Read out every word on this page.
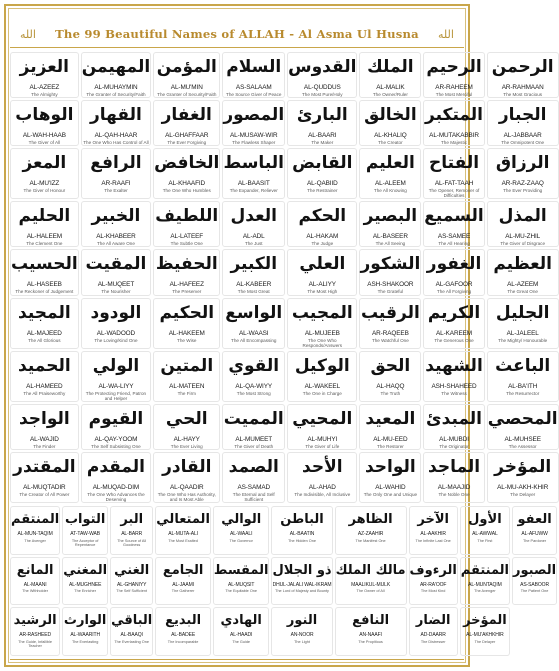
الله	The 99 Beautiful Names of ALLAH - Al Asma Ul Husna	الله
العزيز
AL-AZEEZ
The Almighty
المهيمن
AL-MUHAYMIN
The Granter of Security/Faith
المؤمن
AL-MU'MIN
The Granter of Security/Faith
السلام
AS-SALAAM
The Source Giver of Peace
القدوس
AL-QUDDUS
The Most Pure/Holy
الملك
AL-MALIK
The Owner/Ruler
الرحيم
AR-RAHEEM
The Most Merciful
الرحمن
AR-RAHMAAN
The Most Gracious
الوهاب
AL-WAH-HAAB
The Giver of All
القهار
AL-QAH-HAAR
The One Who Has Control of All
الغفار
AL-GHAFFAAR
The Ever Forgiving
المصور
AL-MUSAW-WIR
The Flawless Shaper
البارئ
AL-BAARI
The Maker
الخالق
AL-KHALIQ
The Creator
المتكبر
AL-MUTAKABBIR
The Majestic
الجبار
AL-JABBAAR
The Omnipotent One
المعز
AL-MU'IZZ
The Giver of Honour
الرافع
AR-RAAFI
The Exalter
الخافض
AL-KHAAFID
The One Who Humbles
الباسط
AL-BAASIT
The Expander, Reliever
القابض
AL-QABIID
The Restrainer
العليم
AL-ALEEM
The All Knowing
الفتاح
AL-FAT-TAAH
The Opener, Remover of Difficulties
الرزاق
AR-RAZ-ZAAQ
The Ever Providing
الحليم
AL-HALEEM
The Clement One
الخبير
AL-KHABEER
The All Aware One
اللطيف
AL-LATEEF
The Subtle One
العدل
AL-ADL
The Just
الحكم
AL-HAKAM
The Judge
البصير
AL-BASEER
The All Seeing
السميع
AS-SAMEE
The All Hearing
المذل
AL-MU-ZHIL
The Giver of Disgrace
الحسيب
AL-HASEEB
The Reckoner of Judgement
المقيت
AL-MUQEET
The Nourisher
الحفيظ
AL-HAFEEZ
The Preserver
الكبير
AL-KABEER
The Most Great
العلي
AL-ALIYY
The Most High
الشكور
ASH-SHAKOOR
The Grateful
الغفور
AL-GAFOOR
The All Forgiving
العظيم
AL-AZEEM
The Great One
المجيد
AL-MAJEED
The All Glorious
الودود
AL-WADOOD
The Loving/Kind One
الحكيم
AL-HAKEEM
The Wise
الواسع
AL-WAASI
The All Encompassing
المجيب
AL-MUJEEB
The One Who Responds/Answers
الرقيب
AR-RAQEEB
The Watchful One
الكريم
AL-KAREEM
The Generous One
الجليل
AL-JALEEL
The Mighty/ Honourable
الحميد
AL-HAMEED
The All Praiseworthy
الولي
AL-WA-LIYY
The Protecting Friend, Patron and Helper
المتين
AL-MATEEN
The Firm
القوي
AL-QA-WIYY
The Most Strong
الوكيل
AL-WAKEEL
The One in Charge
الحق
AL-HAQQ
The Truth
الشهيد
ASH-SHAHEED
The Witness
الباعث
AL-BA'ITH
The Resurrector
الواجد
AL-WAJID
The Finder
القيوم
AL-QAY-YOOM
The Self Subsisting One
الحي
AL-HAYY
The Ever Living
المميت
AL-MUMEET
The Giver of Death
المحيي
AL-MUHYI
The Giver of Life
المعيد
AL-MU-EED
The Restorer
المبدئ
AL-MUBDI
The Originator
المحصي
AL-MUHSEE
The Assessor
المقتدر
AL-MUQTADIR
The Creator of All Power
المقدم
AL-MUQAD-DIM
The One Who Advances the Deserving
القادر
AL-QAADIR
The One Who Has Authority, and Is Most Able
الصمد
AS-SAMAD
The Eternal and Self Sufficient
الأحد
AL-AHAD
The Indivisible, All Inclusive
الواحد
AL-WAHID
The Only One and Unique
الماجد
AL-MAAJID
The Noble One
المؤخر
AL-MU-AKH-KHIR
The Delayer
المنتقم
AL-MUN-TAQIM
The Avenger
التواب
AT-TAW-WAB
The Acceptor of Repentance
البر
AL-BARR
The Source of All Goodness
المتعالي
AL-MUTA-ALI
The Most Exalted
الوالي
AL-WAALI
The Governor
الباطن
AL-BAATIN
The Hidden One
الظاهر
AZ-ZAAHIR
The Manifest One
الآخر
AL-AAKHIR
The Infinite Last One
الأول
AL-AWWAL
The First
العفو
AL-AFUWW
The Pardoner
المانع
AL-MAANI
The Withholder
المغني
AL-MUGHNEE
The Enricher
الغني
AL-GHANIYY
The Self Sufficient
الجامع
AL-JAAMI
The Gatherer
المقسط
AL-MUQSIT
The Equitable One
ذو الجلال
DHUL-JALALI WAL-IKRAM
The Lord of Majesty and Bounty
مالك الملك
MAALIKUL-MULK
The Owner of All
الرءوف
AR-RA'OOF
The Most Kind
المنتقم
AL-MUNTAQIM
The Avenger
الصبور
AS-SABOOR
The Patient One
الرشيد
AR-RASHEED
The Guide, Infallible Teacher
الوارث
AL-WAARITH
The Everlasting
الباقي
AL-BAAQI
The Everlasting One
البديع
AL-BADEE
The Incomparable
الهادي
AL-HAADI
The Guide
النور
AN-NOOR
The Light
النافع
AN-NAAFI
The Propitious
الضار
AD-DAARR
The Distresser
المؤخر
AL-MU'AKHKHIR
The Delayer
